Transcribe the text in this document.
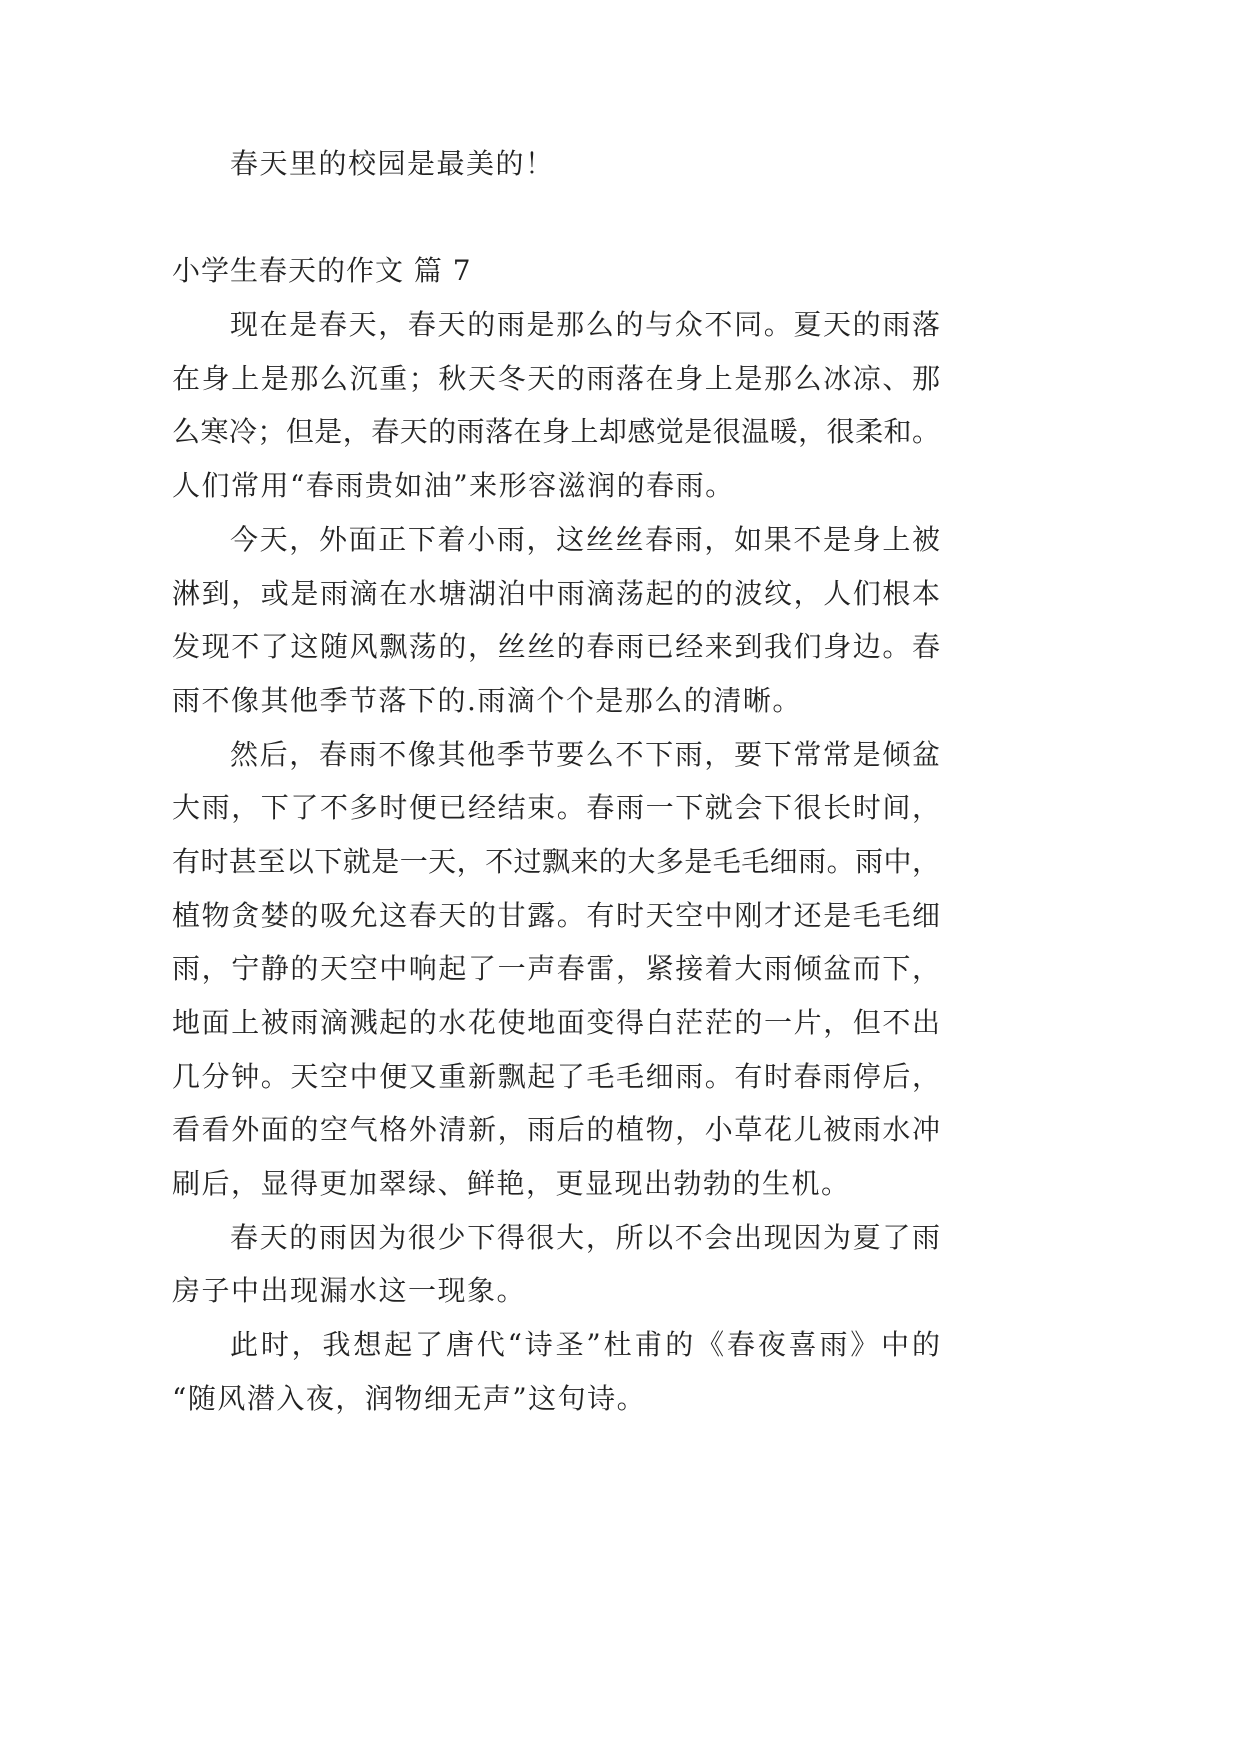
春天里的校园是最美的！
小学生春天的作文 篇 7
现在是春天，春天的雨是那么的与众不同。夏天的雨落
在身上是那么沉重；秋天冬天的雨落在身上是那么冰凉、那
么寒冷；但是，春天的雨落在身上却感觉是很温暖，很柔和。
人们常用“春雨贵如油”来形容滋润的春雨。
今天，外面正下着小雨，这丝丝春雨，如果不是身上被
淋到，或是雨滴在水塘湖泊中雨滴荡起的的波纹，人们根本
发现不了这随风飘荡的，丝丝的春雨已经来到我们身边。春
雨不像其他季节落下的.雨滴个个是那么的清晰。
然后，春雨不像其他季节要么不下雨，要下常常是倾盆
大雨，下了不多时便已经结束。春雨一下就会下很长时间，
有时甚至以下就是一天，不过飘来的大多是毛毛细雨。雨中，
植物贪婪的吸允这春天的甘露。有时天空中刚才还是毛毛细
雨，宁静的天空中响起了一声春雷，紧接着大雨倾盆而下，
地面上被雨滴溅起的水花使地面变得白茫茫的一片，但不出
几分钟。天空中便又重新飘起了毛毛细雨。有时春雨停后，
看看外面的空气格外清新，雨后的植物，小草花儿被雨水冲
刷后，显得更加翠绿、鲜艳，更显现出勃勃的生机。
春天的雨因为很少下得很大，所以不会出现因为夏了雨
房子中出现漏水这一现象。
此时，我想起了唐代“诗圣”杜甫的《春夜喜雨》中的
“随风潜入夜，润物细无声”这句诗。
